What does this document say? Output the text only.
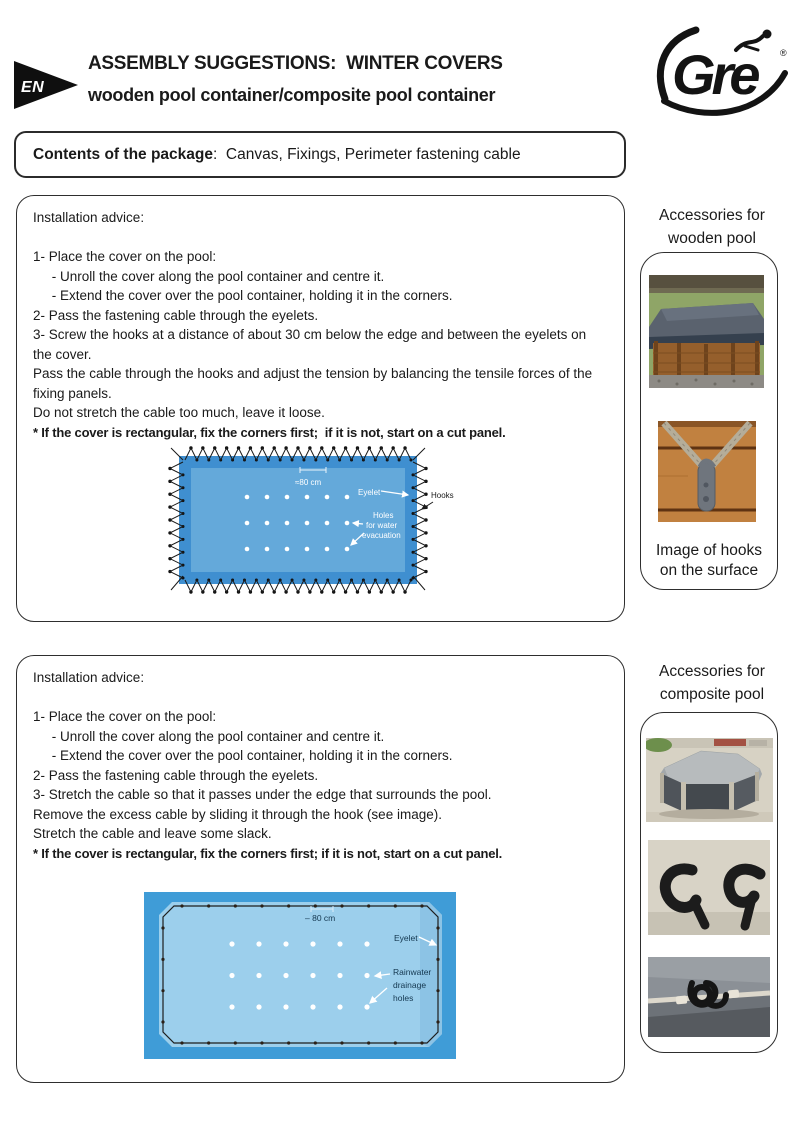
EN
ASSEMBLY SUGGESTIONS:  WINTER COVERS
wooden pool container/composite pool container	Gre	®
Contents of the package : Canvas, Fixings, Perimeter fastening cable
Installation advice:
1- Place the cover on the pool:
- Unroll the cover along the pool container and centre it.
- Extend the cover over the pool container, holding it in the corners.
2- Pass the fastening cable through the eyelets.
3- Screw the hooks at a distance of about 30 cm below the edge and between the eyelets on the cover.
Pass the cable through the hooks and adjust the tension by balancing the tensile forces of the fixing panels.
Do not stretch the cable too much, leave it loose.
* If the cover is rectangular, fix the corners first;  if it is not, start on a cut panel.
≈80 cm
Eyelet	Hooks
Holes
for water
evacuation
Accessories for
wooden pool
Image of hooks
on the surface
Installation advice:
1- Place the cover on the pool:
- Unroll the cover along the pool container and centre it.
- Extend the cover over the pool container, holding it in the corners.
2- Pass the fastening cable through the eyelets.
3- Stretch the cable so that it passes under the edge that surrounds the pool.
Remove the excess cable by sliding it through the hook (see image).
Stretch the cable and leave some slack.
* If the cover is rectangular, fix the corners first; if it is not, start on a cut panel.
– 80 cm
Eyelet
Rainwater
drainage
holes
Accessories for
composite pool
